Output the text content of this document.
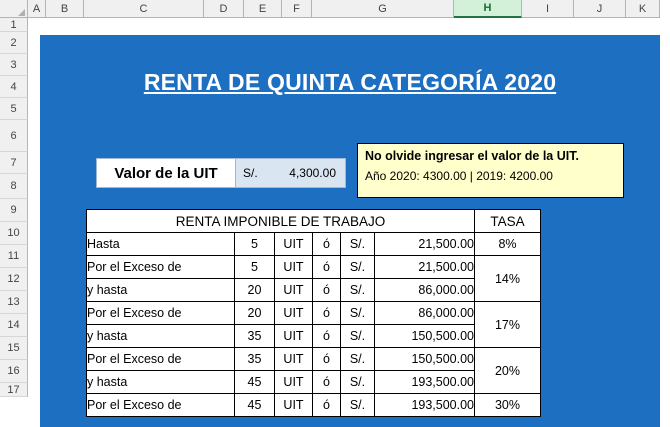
A	B	C	D	E	F	G	H	I	J	K
1
2
3
4
5
6
7
8
9
10
11
12
13
14
15
16
17
RENTA DE QUINTA CATEGORÍA 2020
Valor de la UIT	S/.	4,300.00
No olvide ingresar el valor de la UIT.
Año 2020: 4300.00 | 2019: 4200.00
RENTA IMPONIBLE DE TRABAJO						TASA
Hasta	5	UIT	ó	S/.	21,500.00	8%
Por el Exceso de	5	UIT	ó	S/.	21,500.00	14%
y hasta	20	UIT	ó	S/.	86,000.00	
Por el Exceso de	20	UIT	ó	S/.	86,000.00	17%
y hasta	35	UIT	ó	S/.	150,500.00	
Por el Exceso de	35	UIT	ó	S/.	150,500.00	20%
y hasta	45	UIT	ó	S/.	193,500.00	
Por el Exceso de	45	UIT	ó	S/.	193,500.00	30%
